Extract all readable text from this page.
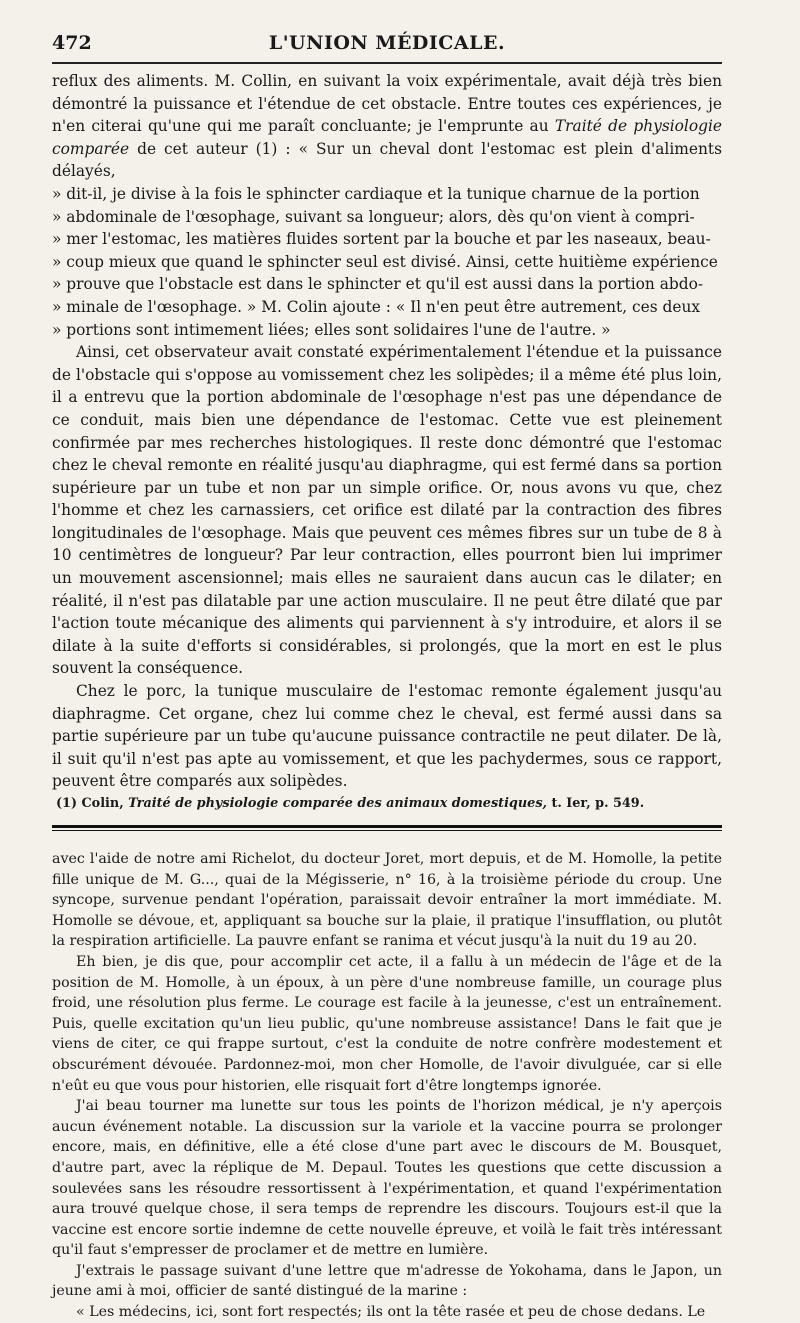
472	L'UNION MÉDICALE.

reflux des aliments. M. Collin, en suivant la voix expérimentale, avait déjà très bien démontré la puissance et l'étendue de cet obstacle. Entre toutes ces expériences, je n'en citerai qu'une qui me paraît concluante; je l'emprunte au Traité de physiologie comparée de cet auteur (1) : « Sur un cheval dont l'estomac est plein d'aliments délayés,

» dit-il, je divise à la fois le sphincter cardiaque et la tunique charnue de la portion

» abdominale de l'œsophage, suivant sa longueur; alors, dès qu'on vient à compri-

» mer l'estomac, les matières fluides sortent par la bouche et par les naseaux, beau-

» coup mieux que quand le sphincter seul est divisé. Ainsi, cette huitième expérience

» prouve que l'obstacle est dans le sphincter et qu'il est aussi dans la portion abdo-

» minale de l'œsophage. » M. Colin ajoute : « Il n'en peut être autrement, ces deux

» portions sont intimement liées; elles sont solidaires l'une de l'autre. »

Ainsi, cet observateur avait constaté expérimentalement l'étendue et la puissance de l'obstacle qui s'oppose au vomissement chez les solipèdes; il a même été plus loin, il a entrevu que la portion abdominale de l'œsophage n'est pas une dépendance de ce conduit, mais bien une dépendance de l'estomac. Cette vue est pleinement confirmée par mes recherches histologiques. Il reste donc démontré que l'estomac chez le cheval remonte en réalité jusqu'au diaphragme, qui est fermé dans sa portion supérieure par un tube et non par un simple orifice. Or, nous avons vu que, chez l'homme et chez les carnassiers, cet orifice est dilaté par la contraction des fibres longitudinales de l'œsophage. Mais que peuvent ces mêmes fibres sur un tube de 8 à 10 centimètres de longueur? Par leur contraction, elles pourront bien lui imprimer un mouvement ascensionnel; mais elles ne sauraient dans aucun cas le dilater; en réalité, il n'est pas dilatable par une action musculaire. Il ne peut être dilaté que par l'action toute mécanique des aliments qui parviennent à s'y introduire, et alors il se dilate à la suite d'efforts si considérables, si prolongés, que la mort en est le plus souvent la conséquence.

Chez le porc, la tunique musculaire de l'estomac remonte également jusqu'au diaphragme. Cet organe, chez lui comme chez le cheval, est fermé aussi dans sa partie supérieure par un tube qu'aucune puissance contractile ne peut dilater. De là, il suit qu'il n'est pas apte au vomissement, et que les pachydermes, sous ce rapport, peuvent être comparés aux solipèdes.

(1) Colin, Traité de physiologie comparée des animaux domestiques, t. Ier, p. 549.

avec l'aide de notre ami Richelot, du docteur Joret, mort depuis, et de M. Homolle, la petite fille unique de M. G..., quai de la Mégisserie, n° 16, à la troisième période du croup. Une syncope, survenue pendant l'opération, paraissait devoir entraîner la mort immédiate. M. Homolle se dévoue, et, appliquant sa bouche sur la plaie, il pratique l'insufflation, ou plutôt la respiration artificielle. La pauvre enfant se ranima et vécut jusqu'à la nuit du 19 au 20.

Eh bien, je dis que, pour accomplir cet acte, il a fallu à un médecin de l'âge et de la position de M. Homolle, à un époux, à un père d'une nombreuse famille, un courage plus froid, une résolution plus ferme. Le courage est facile à la jeunesse, c'est un entraînement. Puis, quelle excitation qu'un lieu public, qu'une nombreuse assistance! Dans le fait que je viens de citer, ce qui frappe surtout, c'est la conduite de notre confrère modestement et obscurément dévouée. Pardonnez-moi, mon cher Homolle, de l'avoir divulguée, car si elle n'eût eu que vous pour historien, elle risquait fort d'être longtemps ignorée.

J'ai beau tourner ma lunette sur tous les points de l'horizon médical, je n'y aperçois aucun événement notable. La discussion sur la variole et la vaccine pourra se prolonger encore, mais, en définitive, elle a été close d'une part avec le discours de M. Bousquet, d'autre part, avec la réplique de M. Depaul. Toutes les questions que cette discussion a soulevées sans les résoudre ressortissent à l'expérimentation, et quand l'expérimentation aura trouvé quelque chose, il sera temps de reprendre les discours. Toujours est-il que la vaccine est encore sortie indemne de cette nouvelle épreuve, et voilà le fait très intéressant qu'il faut s'empresser de proclamer et de mettre en lumière.

J'extrais le passage suivant d'une lettre que m'adresse de Yokohama, dans le Japon, un jeune ami à moi, officier de santé distingué de la marine :

« Les médecins, ici, sont fort respectés; ils ont la tête rasée et peu de chose dedans. Le
